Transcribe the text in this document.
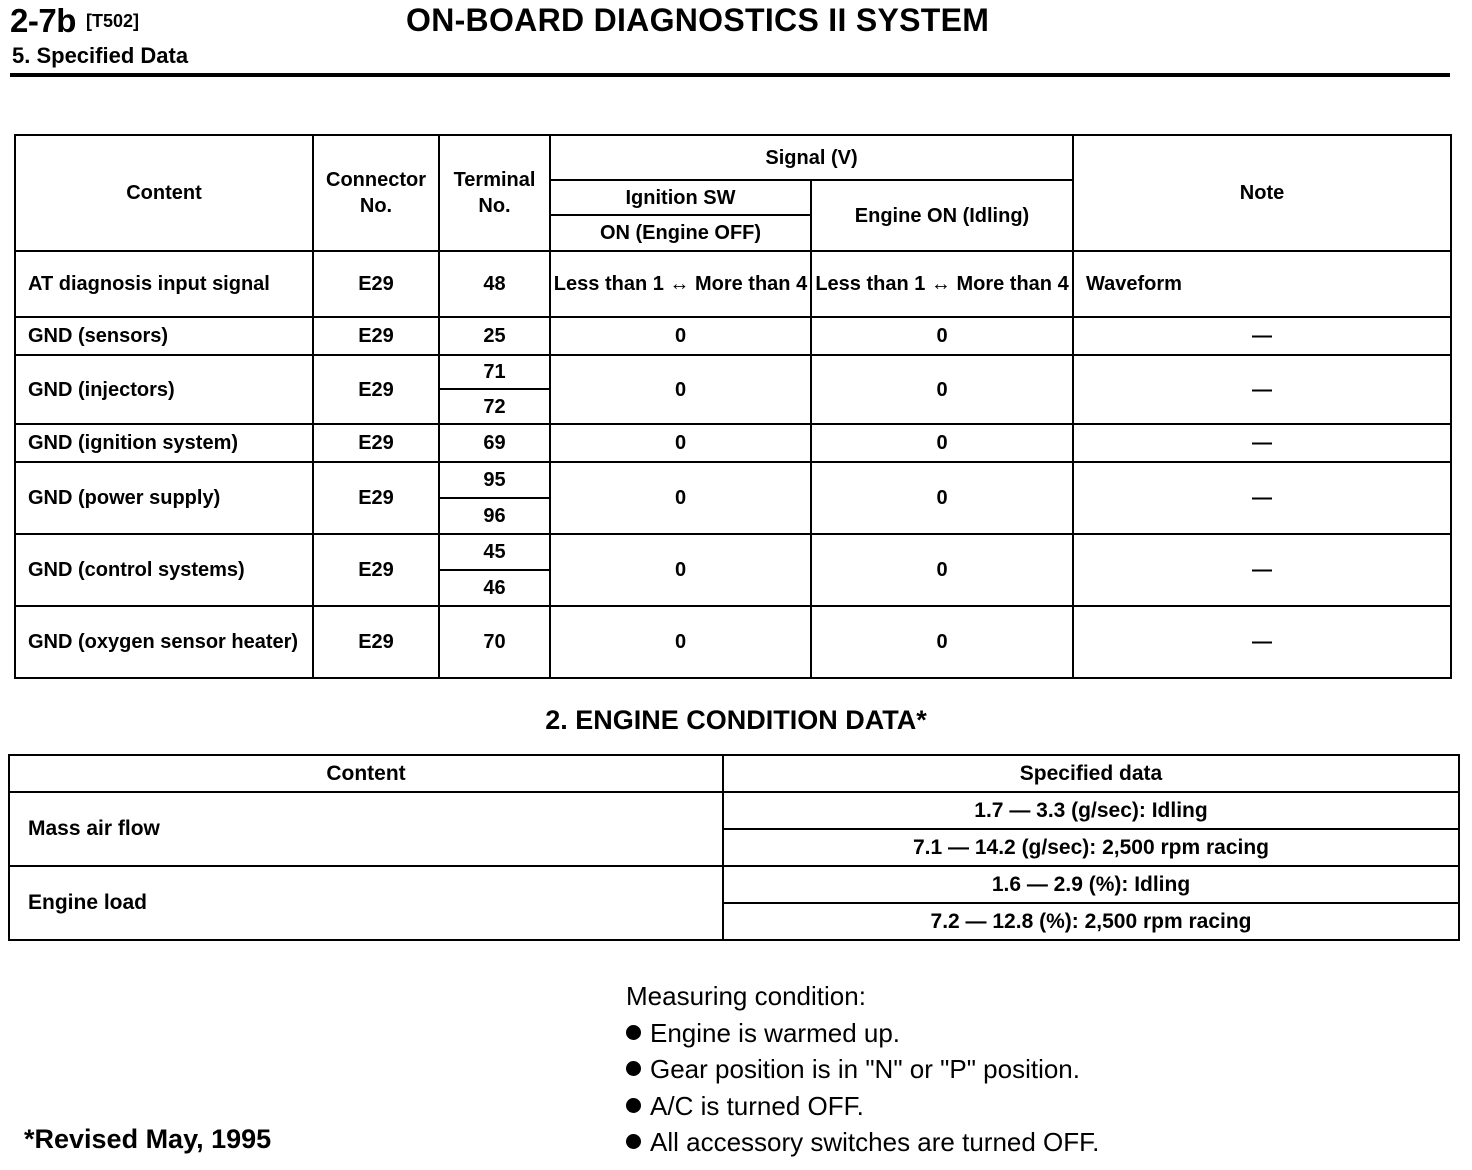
2-7b [T502]	ON-BOARD DIAGNOSTICS II SYSTEM
5. Specified Data
Content	Connector No.	Terminal No.	Signal (V)		Note
			Ignition SW	Engine ON (Idling)	
			ON (Engine OFF)		
AT diagnosis input signal	E29	48	Less than 1 ↔ More than 4	Less than 1 ↔ More than 4	Waveform
GND (sensors)	E29	25	0	0	—
GND (injectors)	E29	71	0	0	—
		72			
GND (ignition system)	E29	69	0	0	—
GND (power supply)	E29	95	0	0	—
		96			
GND (control systems)	E29	45	0	0	—
		46			
GND (oxygen sensor heater)	E29	70	0	0	—
2. ENGINE CONDITION DATA*
Content	Specified data
Mass air flow	1.7 — 3.3 (g/sec): Idling
	7.1 — 14.2 (g/sec): 2,500 rpm racing
Engine load	1.6 — 2.9 (%): Idling
	7.2 — 12.8 (%): 2,500 rpm racing
Measuring condition:
Engine is warmed up.
Gear position is in "N" or "P" position.
A/C is turned OFF.
All accessory switches are turned OFF.
*Revised May, 1995
